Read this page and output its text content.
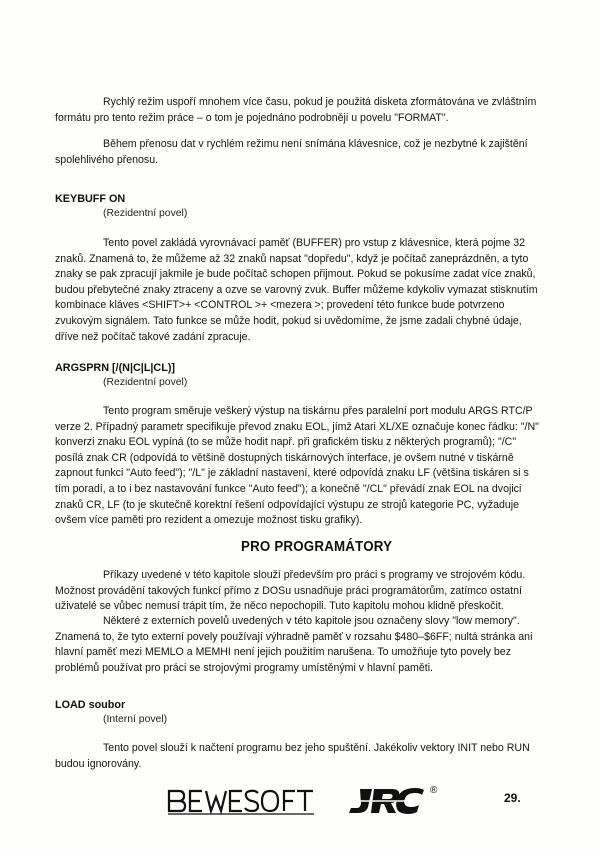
Rychlý režim uspoří mnohem více času, pokud je použitá disketa zformátována ve zvláštním formátu pro tento režim práce – o tom je pojednáno podrobněji u povelu "FORMAT".

Během přenosu dat v rychlém režimu není snímána klávesnice, což je nezbytné k zajištění spolehlivého přenosu.

KEYBUFF ON
(Rezidentní povel)

Tento povel zakládá vyrovnávací paměť (BUFFER) pro vstup z klávesnice, která pojme 32 znaků. Znamená to, že můžeme až 32 znaků napsat "dopředu", když je počítač zaneprázdněn, a tyto znaky se pak zpracují jakmile je bude počítač schopen přijmout. Pokud se pokusíme zadat více znaků, budou přebytečné znaky ztraceny a ozve se varovný zvuk. Buffer můžeme kdykoliv vymazat stisknutím kombinace kláves <SHIFT>+ <CONTROL >+ <mezera >; provedení této funkce bude potvrzeno zvukovým signálem. Tato funkce se může hodit, pokud si uvědomíme, že jsme zadali chybné údaje, dříve než počítač takové zadání zpracuje.

ARGSPRN [/(N|C|L|CL)]
(Rezidentní povel)

Tento program směruje veškerý výstup na tiskárnu přes paralelní port modulu ARGS RTC/P verze 2. Případný parametr specifikuje převod znaku EOL, jímž Atari XL/XE označuje konec řádku: "/N" konverzi znaku EOL vypíná (to se může hodit např. při grafickém tisku z některých programů); "/C" posílá znak CR (odpovídá to většině dostupných tiskárnových interface, je ovšem nutné v tiskárně zapnout funkci "Auto feed"); "/L" je základní nastavení, které odpovídá znaku LF (většina tiskáren si s tím poradí, a to i bez nastavování funkce "Auto feed"); a konečně "/CL" převádí znak EOL na dvojici znaků CR, LF (to je skutečně korektní řešení odpovídající výstupu ze strojů kategorie PC, vyžaduje ovšem více paměti pro rezident a omezuje možnost tisku grafiky).

PRO PROGRAMÁTORY

Příkazy uvedené v této kapitole slouží především pro práci s programy ve strojovém kódu. Možnost provádění takových funkcí přímo z DOSu usnadňuje práci programátorům, zatímco ostatní uživatelé se vůbec nemusí trápit tím, že něco nepochopili. Tuto kapitolu mohou klidně přeskočit.

Některé z externích povelů uvedených v této kapitole jsou označeny slovy "low memory". Znamená to, že tyto externí povely používají výhradně paměť v rozsahu $480–$6FF; nultá stránka ani hlavní paměť mezi MEMLO a MEMHI není jejich použitím narušena. To umožňuje tyto povely bez problémů používat pro práci se strojovými programy umístěnými v hlavní paměti.

LOAD soubor
(Interní povel)

Tento povel slouží k načtení programu bez jeho spuštění. Jakékoliv vektory INIT nebo RUN budou ignorovány.

®
29.
